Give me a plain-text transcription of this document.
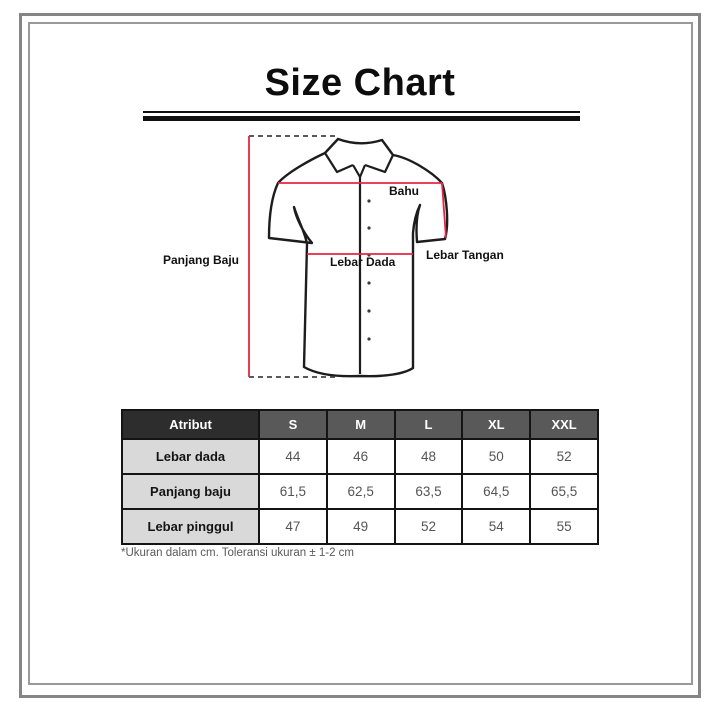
Size Chart
Bahu
Panjang Baju	Lebar Dada	Lebar Tangan
Atribut	S	M	L	XL	XXL
Lebar dada	44	46	48	50	52
Panjang baju	61,5	62,5	63,5	64,5	65,5
Lebar pinggul	47	49	52	54	55
*Ukuran dalam cm. Toleransi ukuran ± 1-2 cm
